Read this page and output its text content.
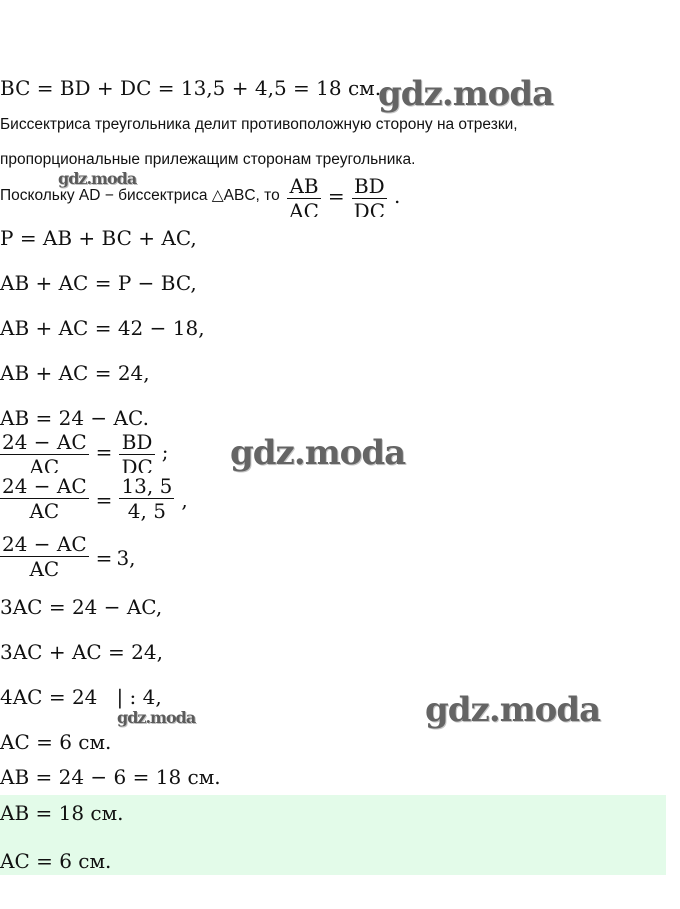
BC = BD + DC = 13,5 + 4,5 = 18 см.
Биссектриса треугольника делит противоположную сторону на отрезки,
пропорциональные прилежащим сторонам треугольника.
Поскольку AD − биссектриса △ABC, то $\frac{AB}{AC} = \frac{BD}{DC}$ .
P = AB + BC + AC,
AB + AC = P − BC,
AB + AC = 42 − 18,
AB + AC = 24,
AB = 24 − AC.
$\frac{24 - AC}{AC} = \frac{BD}{DC}$ ;
$\frac{24 - AC}{AC} = \frac{13, 5}{4, 5}$ ,
$\frac{24 - AC}{AC} = 3$,
3AC = 24 − AC,
3AC + AC = 24,
4AC = 24   | : 4,
AC = 6 см.
AB = 24 − 6 = 18 см.
AB = 18 см.
AC = 6 см.
gdz.moda
gdz.moda
gdz.moda
gdz.moda	gdz.moda
